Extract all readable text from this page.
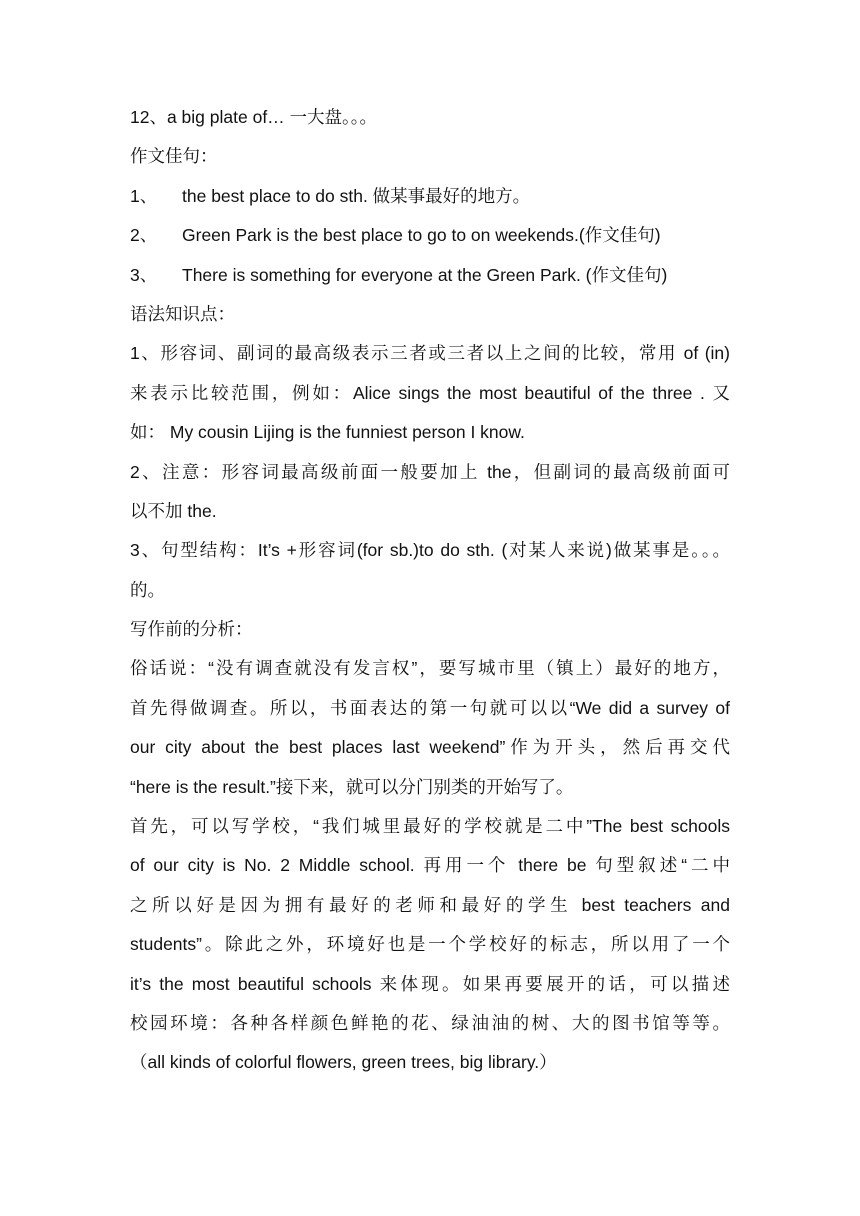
12、a big plate of… 一大盘。。。
作文佳句：
1、 the best place to do sth. 做某事最好的地方。
2、 Green Park is the best place to go to on weekends.(作文佳句)
3、 There is something for everyone at the Green Park. (作文佳句)
语法知识点：
1、形容词、副词的最高级表示三者或三者以上之间的比较，常用 of (in)
来表示比较范围，例如：Alice sings the most beautiful of the three . 又
如： My cousin Lijing is the funniest person I know.
2、注意：形容词最高级前面一般要加上 the，但副词的最高级前面可
以不加 the.
3、句型结构：It’s +形容词(for sb.)to do sth. (对某人来说)做某事是。。。
的。
写作前的分析：
俗话说：“没有调查就没有发言权”，要写城市里（镇上）最好的地方，
首先得做调查。所以，书面表达的第一句就可以以“We did a survey of
our city about the best places last weekend”作为开头，然后再交代
“here is the result.”接下来，就可以分门别类的开始写了。
首先，可以写学校，“我们城里最好的学校就是二中”The best schools
of our city is No. 2 Middle school. 再用一个 there be 句型叙述“二中
之所以好是因为拥有最好的老师和最好的学生 best teachers and
students”。除此之外，环境好也是一个学校好的标志，所以用了一个
it’s the most beautiful schools 来体现。如果再要展开的话，可以描述
校园环境：各种各样颜色鲜艳的花、绿油油的树、大的图书馆等等。
（all kinds of colorful flowers, green trees, big library.）
